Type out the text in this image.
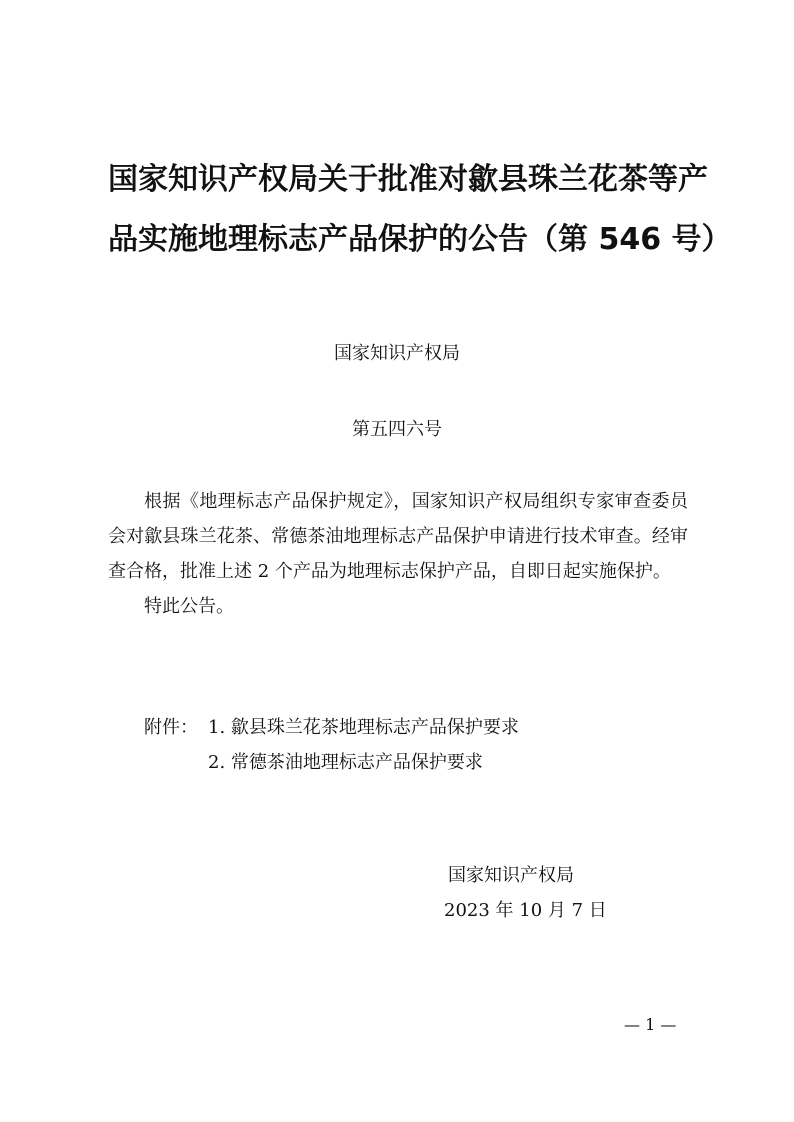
国家知识产权局关于批准对歙县珠兰花茶等产
品实施地理标志产品保护的公告（第 546 号）
国家知识产权局
第五四六号

根据《地理标志产品保护规定》，国家知识产权局组织专家审查委员会对歙县珠兰花茶、常德茶油地理标志产品保护申请进行技术审查。经审查合格，批准上述 2 个产品为地理标志保护产品，自即日起实施保护。

特此公告。

附件： 1. 歙县珠兰花茶地理标志产品保护要求
2. 常德茶油地理标志产品保护要求
国家知识产权局
2023 年 10 月 7 日
— 1 —
